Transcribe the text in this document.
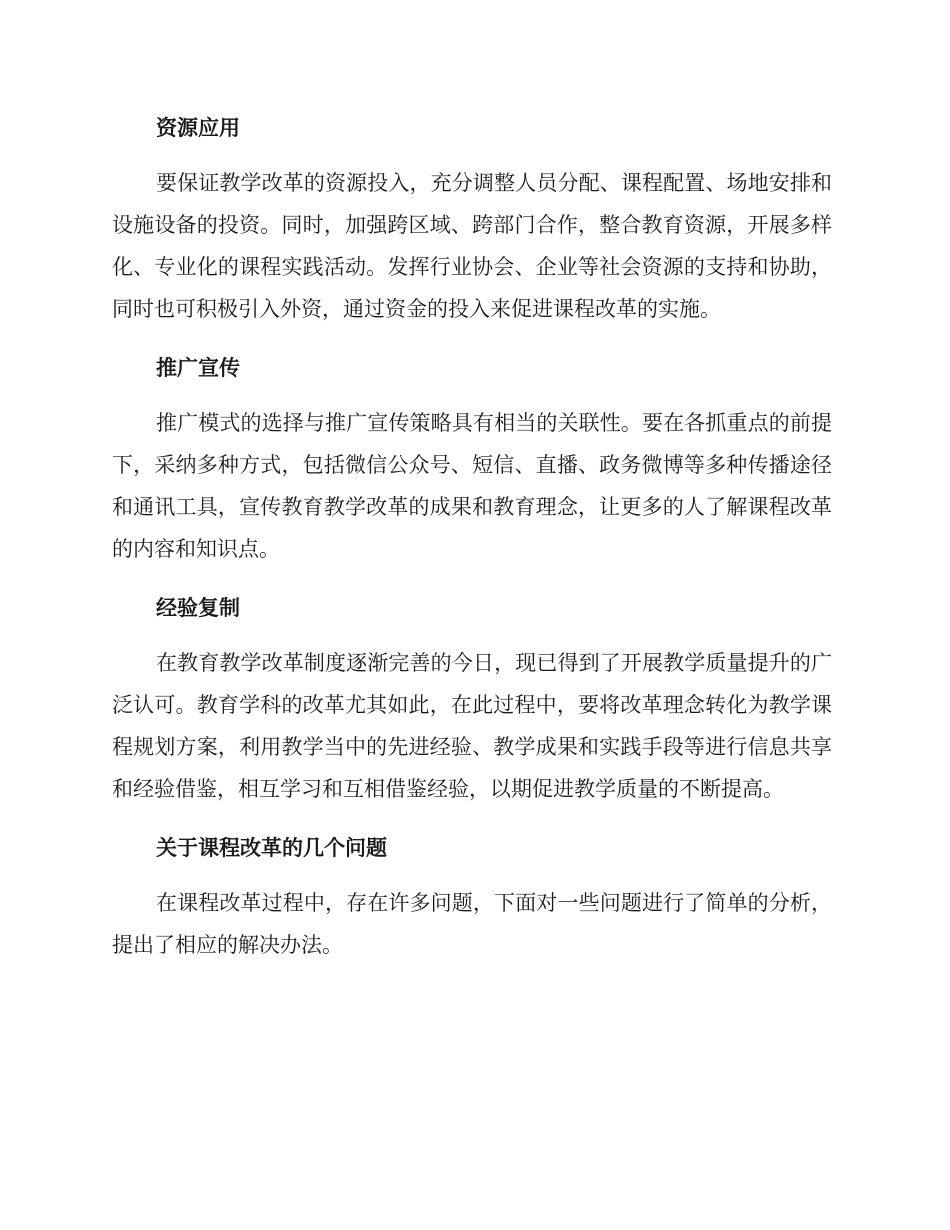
资源应用

要保证教学改革的资源投入，充分调整人员分配、课程配置、场地安排和设施设备的投资。同时，加强跨区域、跨部门合作，整合教育资源，开展多样化、专业化的课程实践活动。发挥行业协会、企业等社会资源的支持和协助，同时也可积极引入外资，通过资金的投入来促进课程改革的实施。

推广宣传

推广模式的选择与推广宣传策略具有相当的关联性。要在各抓重点的前提下，采纳多种方式，包括微信公众号、短信、直播、政务微博等多种传播途径和通讯工具，宣传教育教学改革的成果和教育理念，让更多的人了解课程改革的内容和知识点。

经验复制

在教育教学改革制度逐渐完善的今日，现已得到了开展教学质量提升的广泛认可。教育学科的改革尤其如此，在此过程中，要将改革理念转化为教学课程规划方案，利用教学当中的先进经验、教学成果和实践手段等进行信息共享和经验借鉴，相互学习和互相借鉴经验，以期促进教学质量的不断提高。

关于课程改革的几个问题

在课程改革过程中，存在许多问题，下面对一些问题进行了简单的分析，提出了相应的解决办法。
